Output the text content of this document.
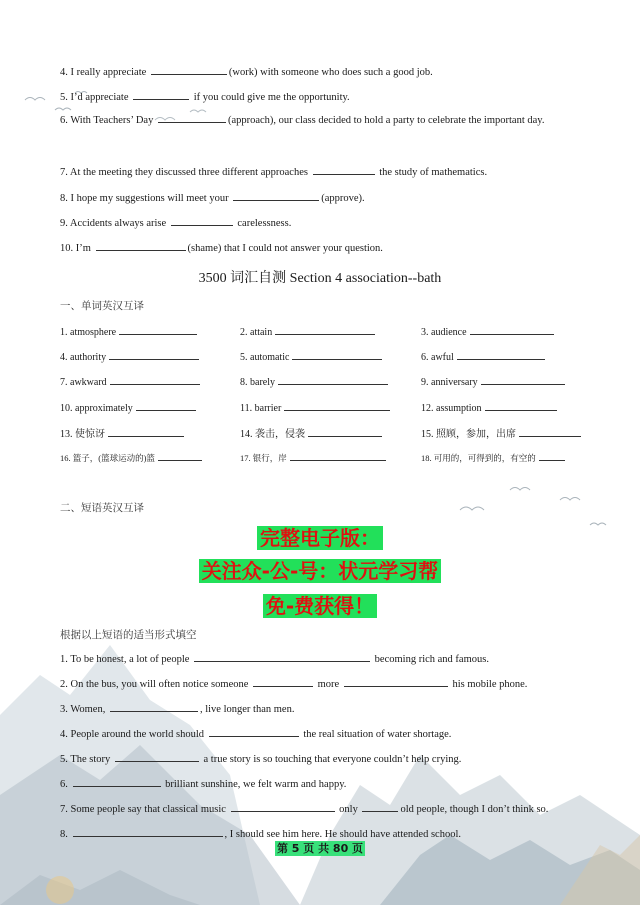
4. I really appreciate	(work) with someone who does such a good job.
5. I’d appreciate	if you could give me the opportunity.
6. With Teachers’ Day	(approach), our class decided to hold a party to celebrate the important day.
7. At the meeting they discussed three different approaches	the study of mathematics.
8. I hope my suggestions will meet your	(approve).
9. Accidents always arise	carelessness.
10. I’m	(shame) that I could not answer your question.
3500 词汇自测 Section 4 association--bath
一、单词英汉互译
1. atmosphere	2. attain	3. audience
4. authority	5. automatic	6. awful
7. awkward	8. barely	9. anniversary
10. approximately	11. barrier	12. assumption
13. 使惊讶	14. 袭击，侵袭	15. 照顾，参加，出席
16. 篮子，(篮球运动的)篮	17. 银行，岸	18. 可用的，可得到的，有空的
二、短语英汉互译
完整电子版：
关注众-公-号：状元学习帮
免-费获得！
根据以上短语的适当形式填空
1. To be honest, a lot of people	becoming rich and famous.
2. On the bus, you will often notice someone	more	his mobile phone.
3. Women,	, live longer than men.
4. People around the world should	the real situation of water shortage.
5. The story	a true story is so touching that everyone couldn’t help crying.
6.	brilliant sunshine, we felt warm and happy.
7. Some people say that classical music	only	old people, though I don’t think so.
8.	, I should see him here. He should have attended school.
第 5 页 共 80 页
